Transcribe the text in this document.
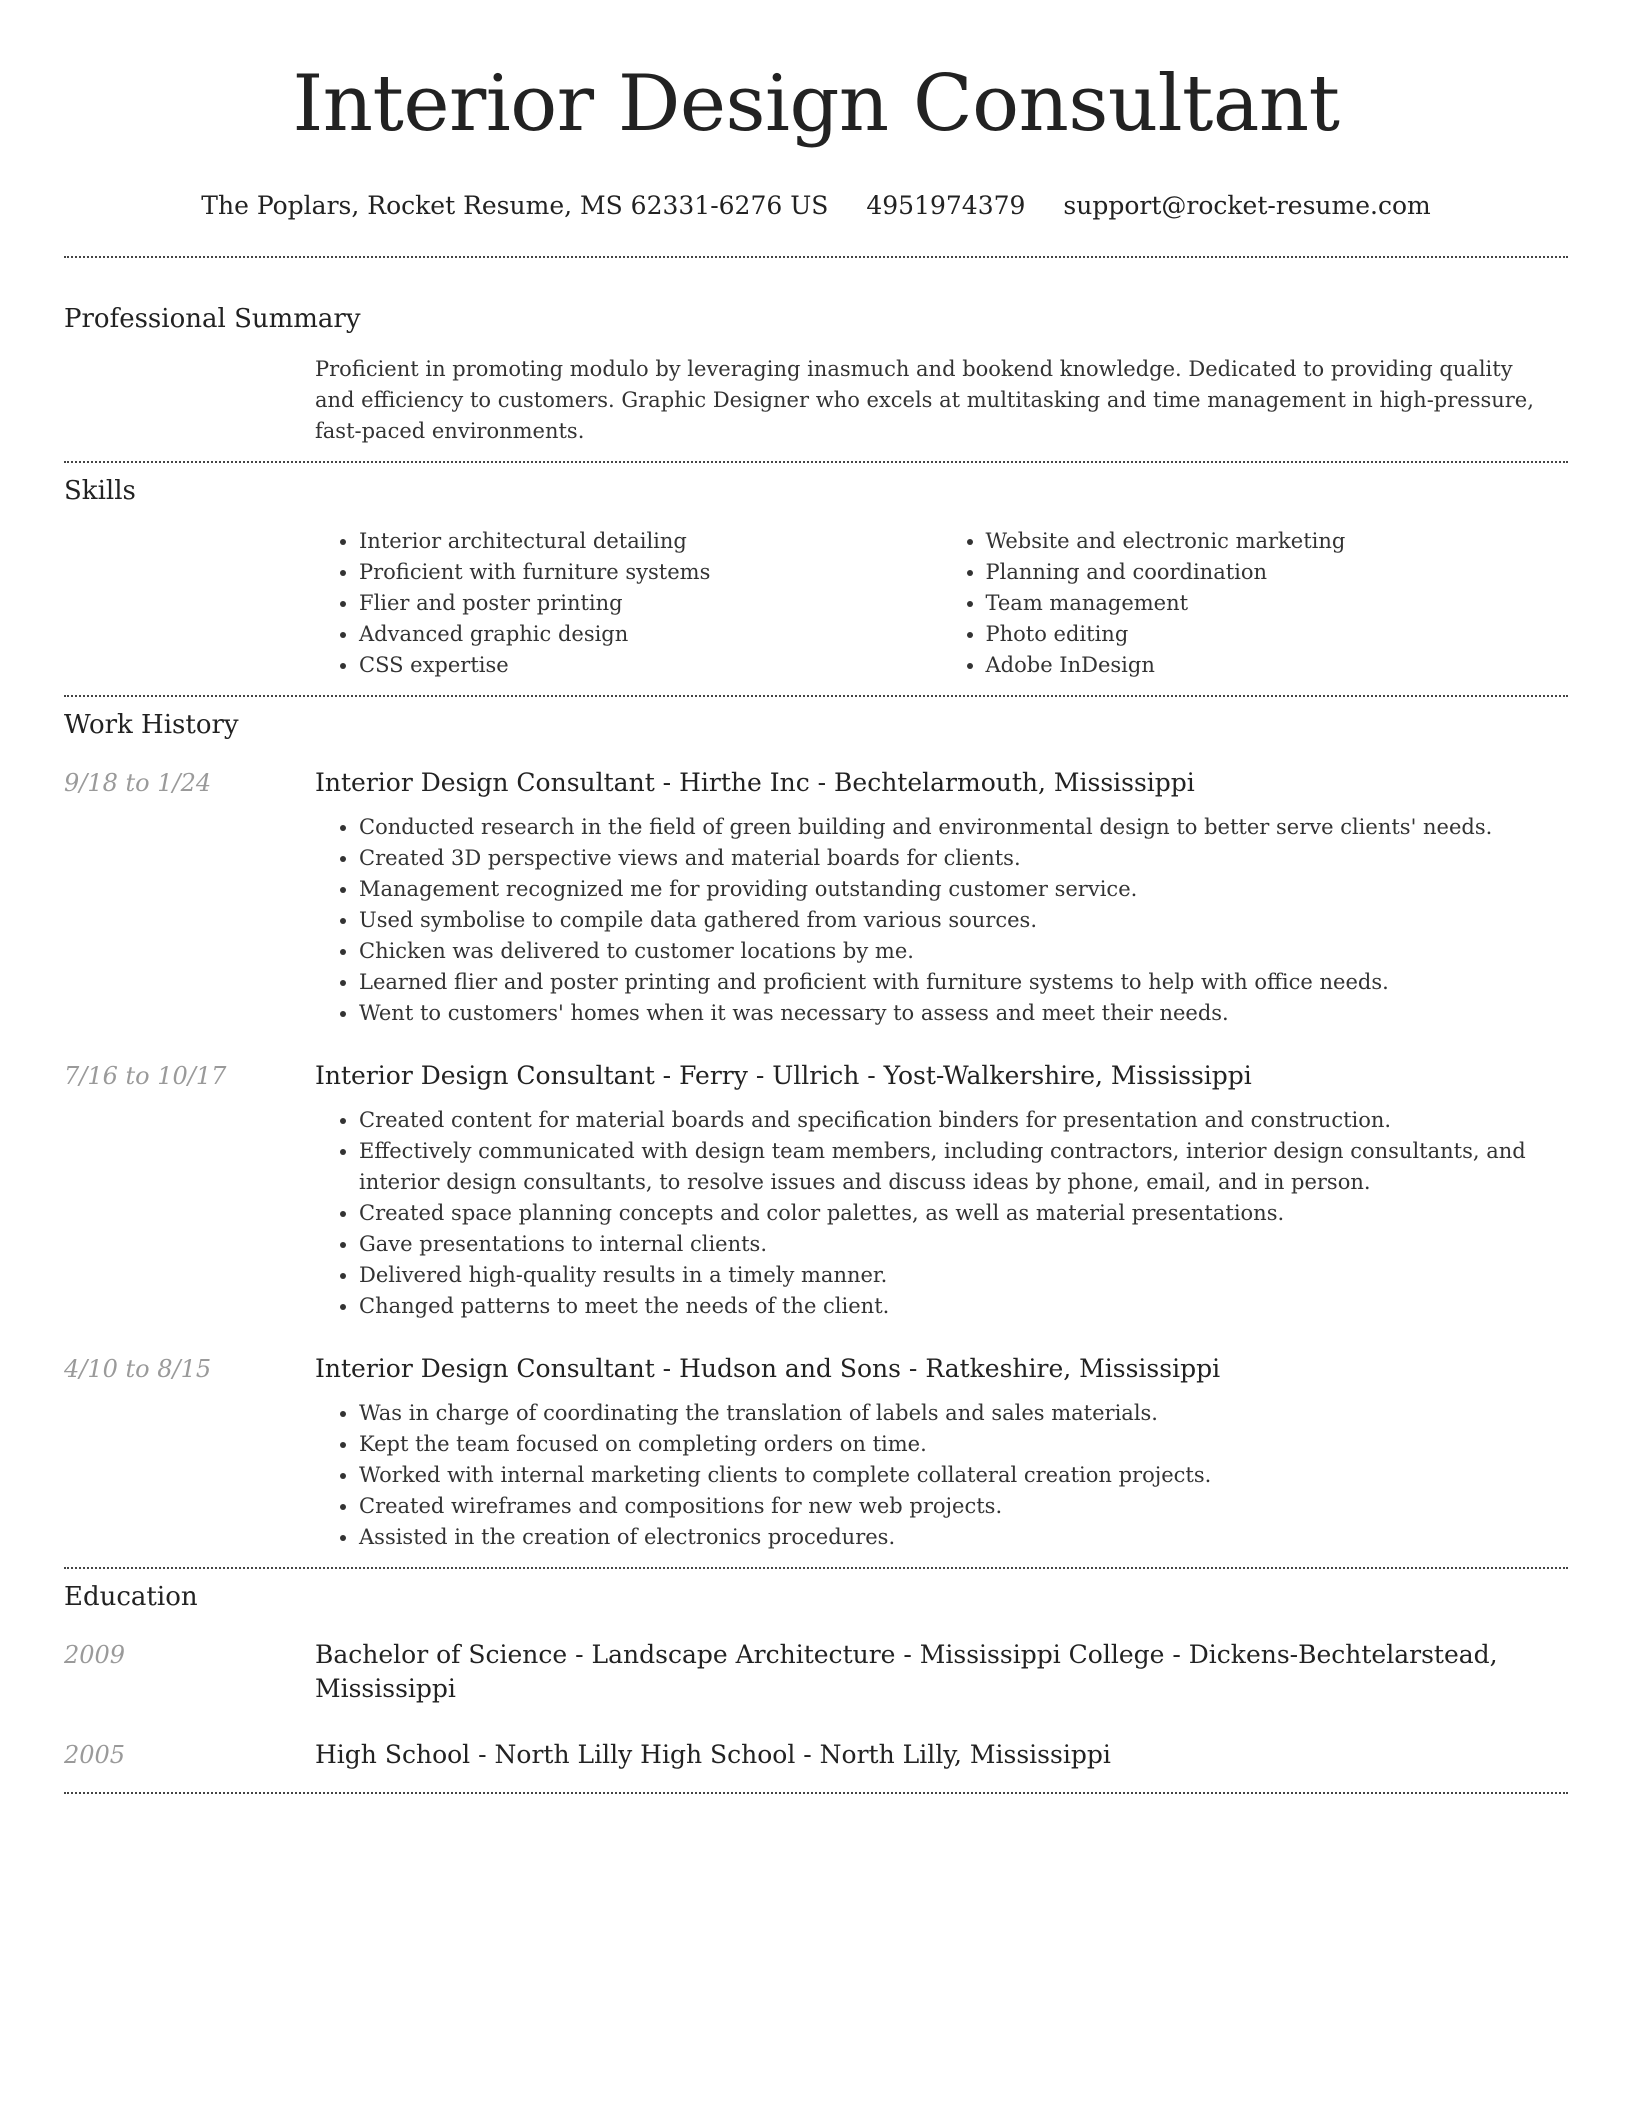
Interior Design Consultant
The Poplars, Rocket Resume, MS 62331-6276 US 4951974379 support@rocket-resume.com
Professional Summary

Proficient in promoting modulo by leveraging inasmuch and bookend knowledge. Dedicated to providing quality and efficiency to customers. Graphic Designer who excels at multitasking and time management in high-pressure, fast-paced environments.

Skills
• Interior architectural detailing
• Proficient with furniture systems
• Flier and poster printing
• Advanced graphic design
• CSS expertise
• Website and electronic marketing
• Planning and coordination
• Team management
• Photo editing
• Adobe InDesign
Work History
9/18 to 1/24	Interior Design Consultant - Hirthe Inc - Bechtelarmouth, Mississippi
• Conducted research in the field of green building and environmental design to better serve clients' needs.
• Created 3D perspective views and material boards for clients.
• Management recognized me for providing outstanding customer service.
• Used symbolise to compile data gathered from various sources.
• Chicken was delivered to customer locations by me.
• Learned flier and poster printing and proficient with furniture systems to help with office needs.
• Went to customers' homes when it was necessary to assess and meet their needs.
7/16 to 10/17	Interior Design Consultant - Ferry - Ullrich - Yost-Walkershire, Mississippi
• Created content for material boards and specification binders for presentation and construction.
• Effectively communicated with design team members, including contractors, interior design consultants, and interior design consultants, to resolve issues and discuss ideas by phone, email, and in person.
• Created space planning concepts and color palettes, as well as material presentations.
• Gave presentations to internal clients.
• Delivered high-quality results in a timely manner.
• Changed patterns to meet the needs of the client.
4/10 to 8/15	Interior Design Consultant - Hudson and Sons - Ratkeshire, Mississippi
• Was in charge of coordinating the translation of labels and sales materials.
• Kept the team focused on completing orders on time.
• Worked with internal marketing clients to complete collateral creation projects.
• Created wireframes and compositions for new web projects.
• Assisted in the creation of electronics procedures.
Education
2009	Bachelor of Science - Landscape Architecture - Mississippi College - Dickens-Bechtelarstead, Mississippi
2005	High School - North Lilly High School - North Lilly, Mississippi
